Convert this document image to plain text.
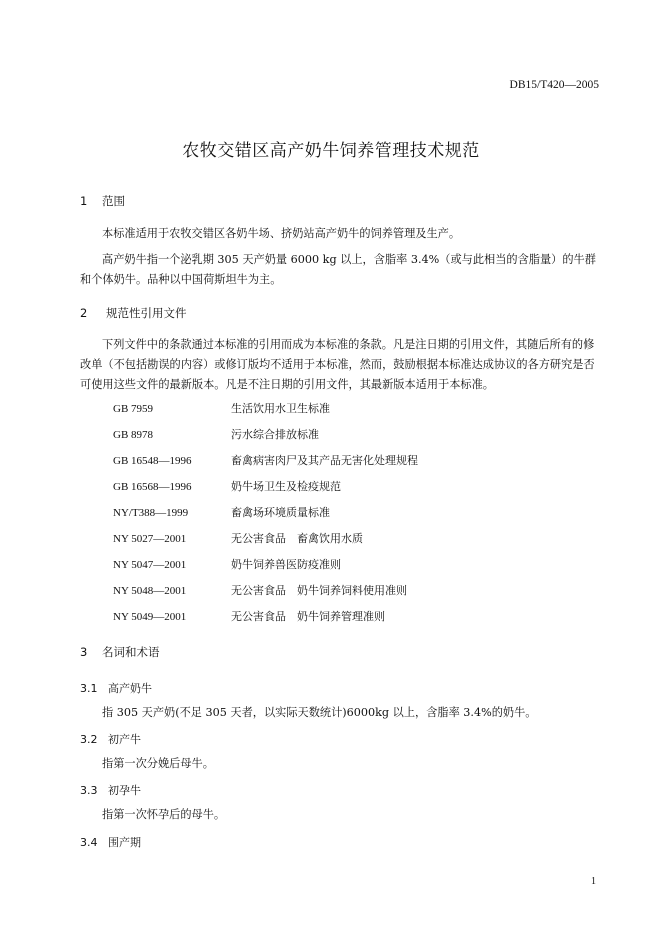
DB15/T420—2005
农牧交错区高产奶牛饲养管理技术规范
1 范围
本标准适用于农牧交错区各奶牛场、挤奶站高产奶牛的饲养管理及生产。
高产奶牛指一个泌乳期 305 天产奶量 6000 kg 以上，含脂率 3.4%（或与此相当的含脂量）的牛群和个体奶牛。品种以中国荷斯坦牛为主。
2 规范性引用文件
下列文件中的条款通过本标准的引用而成为本标准的条款。凡是注日期的引用文件，其随后所有的修改单（不包括勘误的内容）或修订版均不适用于本标准，然而，鼓励根据本标准达成协议的各方研究是否可使用这些文件的最新版本。凡是不注日期的引用文件，其最新版本适用于本标准。
GB 7959	生活饮用水卫生标准
GB 8978	污水综合排放标准
GB 16548—1996	畜禽病害肉尸及其产品无害化处理规程
GB 16568—1996	奶牛场卫生及检疫规范
NY/T388—1999	畜禽场环境质量标准
NY 5027—2001	无公害食品　畜禽饮用水质
NY 5047—2001	奶牛饲养兽医防疫准则
NY 5048—2001	无公害食品　奶牛饲养饲料使用准则
NY 5049—2001	无公害食品　奶牛饲养管理准则
3 名词和术语
3.1 高产奶牛
指 305 天产奶(不足 305 天者，以实际天数统计)6000kg 以上，含脂率 3.4%的奶牛。
3.2 初产牛
指第一次分娩后母牛。
3.3 初孕牛
指第一次怀孕后的母牛。
3.4 围产期
1
